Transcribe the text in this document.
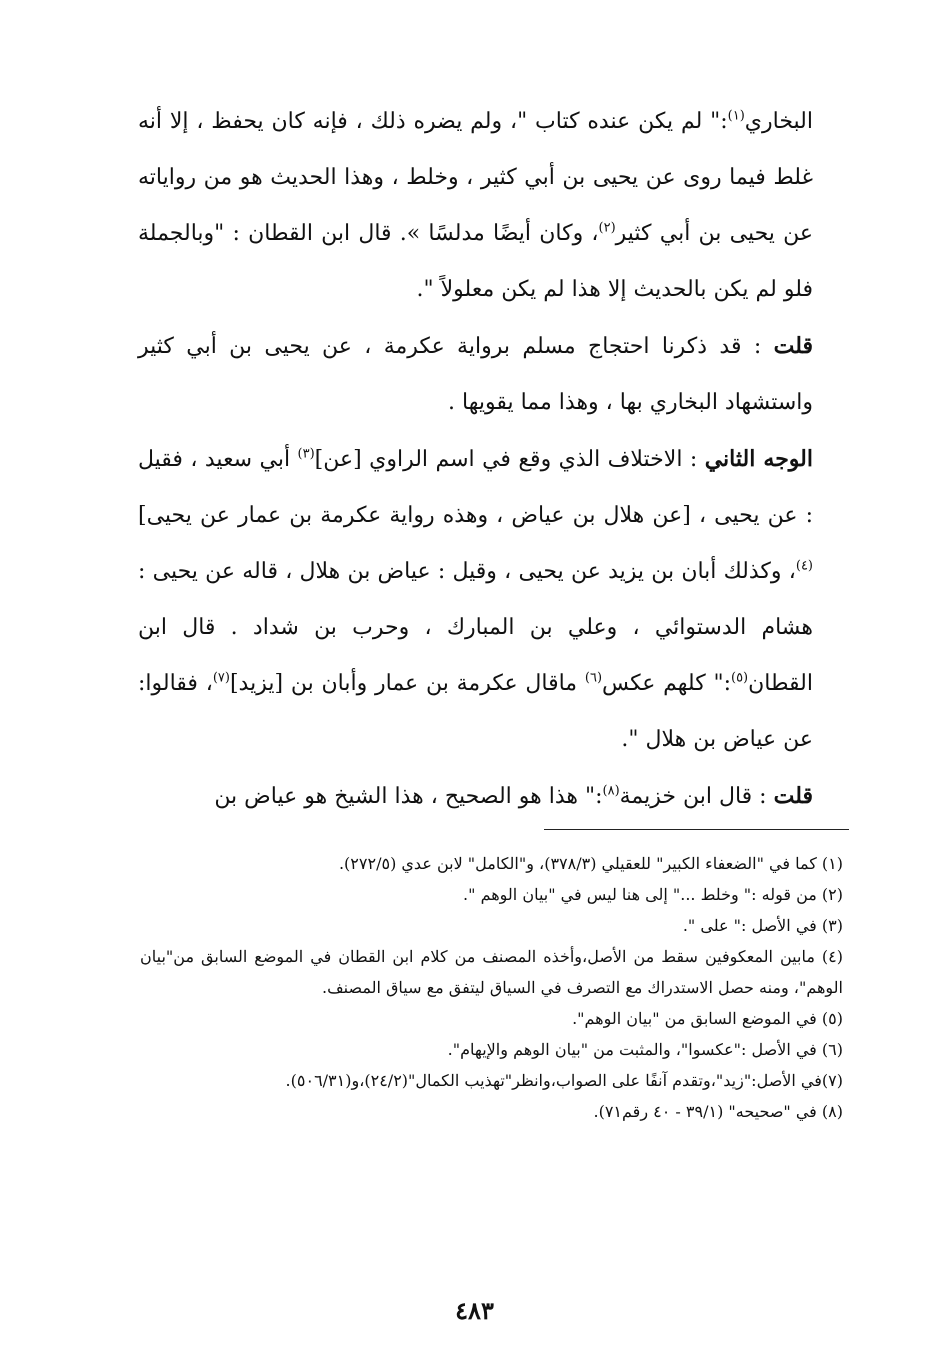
البخاري$^{(١)}$:" لم يكن عنده كتاب "، ولم يضره ذلك ، فإنه كان يحفظ ، إلا أنه غلط فيما روى عن يحيى بن أبي كثير ، وخلط ، وهذا الحديث هو من رواياته عن يحيى بن أبي كثير$^{(٢)}$، وكان أيضًا مدلسًا ». قال ابن القطان : "وبالجملة فلو لم يكن بالحديث إلا هذا لم يكن معلولاً ".

قلت : قد ذكرنا احتجاج مسلم برواية عكرمة ، عن يحيى بن أبي كثير واستشهاد البخاري بها ، وهذا مما يقويها .

الوجه الثاني : الاختلاف الذي وقع في اسم الراوي [عن]$^{(٣)}$ أبي سعيد ، فقيل : عن يحيى ، [عن هلال بن عياض ، وهذه رواية عكرمة بن عمار عن يحيى]$^{(٤)}$، وكذلك أبان بن يزيد عن يحيى ، وقيل : عياض بن هلال ، قاله عن يحيى : هشام الدستوائي ، وعلي بن المبارك ، وحرب بن شداد . قال ابن القطان$^{(٥)}$:" كلهم عكس$^{(٦)}$ ماقال عكرمة بن عمار وأبان بن [يزيد]$^{(٧)}$، فقالوا: عن عياض بن هلال ".

قلت : قال ابن خزيمة$^{(٨)}$:" هذا هو الصحيح ، هذا الشيخ هو عياض بن

(١) كما في "الضعفاء الكبير" للعقيلي (٣٧٨/٣)، و"الكامل" لابن عدي (٢٧٢/٥).

(٢) من قوله :" وخلط ..." إلى هنا ليس في "بيان الوهم ".

(٣) في الأصل :" على ".

(٤) مابين المعكوفين سقط من الأصل،وأخذه المصنف من كلام ابن القطان في الموضع السابق من"بيان الوهم"، ومنه حصل الاستدراك مع التصرف في السياق ليتفق مع سياق المصنف.

(٥) في الموضع السابق من "بيان الوهم".

(٦) في الأصل :"عكسوا"، والمثبت من "بيان الوهم والإيهام".

(٧)في الأصل:"زيد"،وتقدم آنفًا على الصواب،وانظر"تهذيب الكمال"(٢٤/٢)،و(٥٠٦/٣١).

(٨) في "صحيحه" (٣٩/١ - ٤٠ رقم٧١).

٤٨٣
